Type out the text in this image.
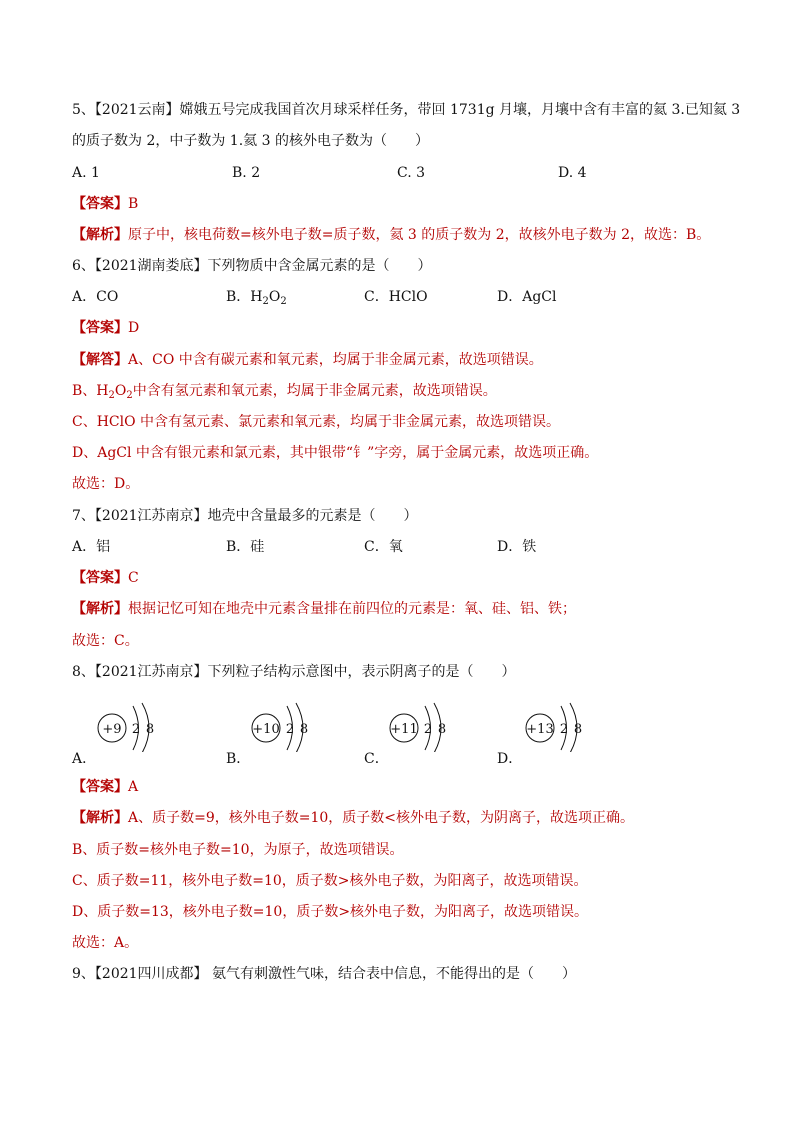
5、【2021云南】嫦娥五号完成我国首次月球采样任务，带回 1731g 月壤，月壤中含有丰富的氦 3.已知氦 3
的质子数为 2，中子数为 1.氦 3 的核外电子数为（　　）
A. 1	B. 2	C. 3	D. 4
【答案】B
【解析】原子中，核电荷数=核外电子数=质子数，氦 3 的质子数为 2，故核外电子数为 2，故选：B。
6、【2021湖南娄底】下列物质中含金属元素的是（　　）
A．CO	B．$H_2O_2$	C．HClO	D．AgCl
【答案】D
【解答】A、CO 中含有碳元素和氧元素，均属于非金属元素，故选项错误。
B、$H_2O_2$中含有氢元素和氧元素，均属于非金属元素，故选项错误。
C、HClO 中含有氢元素、氯元素和氧元素，均属于非金属元素，故选项错误。
D、AgCl 中含有银元素和氯元素，其中银带“钅”字旁，属于金属元素，故选项正确。
故选：D。
7、【2021江苏南京】地壳中含量最多的元素是（　　）
A．铝	B．硅	C．氧	D．铁
【答案】C
【解析】根据记忆可知在地壳中元素含量排在前四位的元素是：氧、硅、铝、铁；
故选：C。
8、【2021江苏南京】下列粒子结构示意图中，表示阴离子的是（　　）
+9 2 8
A．
+10 2 8
B．
+11 2 8
C．
+13 2 8
D．
【答案】A
【解析】A、质子数=9，核外电子数=10，质子数<核外电子数，为阴离子，故选项正确。
B、质子数=核外电子数=10，为原子，故选项错误。
C、质子数=11，核外电子数=10，质子数>核外电子数，为阳离子，故选项错误。
D、质子数=13，核外电子数=10，质子数>核外电子数，为阳离子，故选项错误。
故选：A。
9、【2021四川成都】 氨气有刺激性气味，结合表中信息，不能得出的是（　　）
